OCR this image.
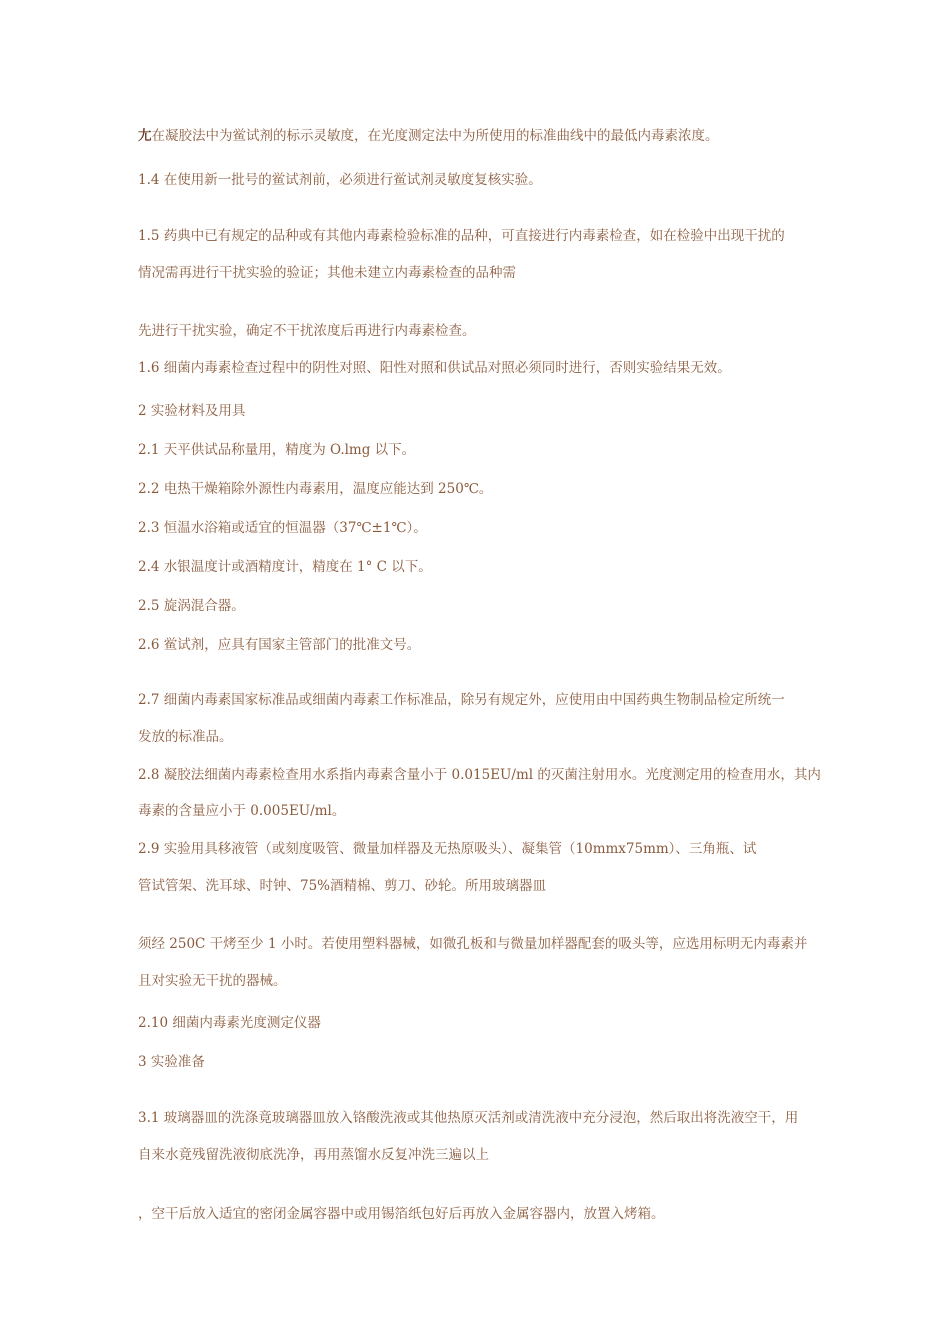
尢在凝胶法中为鲎试剂的标示灵敏度，在光度测定法中为所使用的标准曲线中的最低内毒素浓度。
1.4 在使用新一批号的鲎试剂前，必须进行鲎试剂灵敏度复核实验。
1.5 药典中已有规定的品种或有其他内毒素检验标准的品种，可直接进行内毒素检查，如在检验中出现干扰的
情况需再进行干扰实验的验证；其他未建立内毒素检查的品种需
先进行干扰实验，确定不干扰浓度后再进行内毒素检查。
1.6 细菌内毒素检查过程中的阴性对照、阳性对照和供试品对照必须同时进行，否则实验结果无效。
2 实验材料及用具
2.1 天平供试品称量用，精度为 O.lmg 以下。
2.2 电热干燥箱除外源性内毒素用，温度应能达到 250℃。
2.3 恒温水浴箱或适宜的恒温器（37℃±1℃）。
2.4 水银温度计或酒精度计，精度在 1° C 以下。
2.5 旋涡混合器。
2.6 鲎试剂，应具有国家主管部门的批准文号。
2.7 细菌内毒素国家标准品或细菌内毒素工作标准品，除另有规定外，应使用由中国药典生物制品检定所统一
发放的标准品。
2.8 凝胶法细菌内毒素检查用水系指内毒素含量小于 0.015EU/ml 的灭菌注射用水。光度测定用的检查用水，其内
毒素的含量应小于 0.005EU/ml。
2.9 实验用具移液管（或刻度吸管、微量加样器及无热原吸头）、凝集管（10mmx75mm）、三角瓶、试
管试管架、洗耳球、时钟、75%酒精棉、剪刀、砂轮。所用玻璃器皿
须经 250C 干烤至少 1 小时。若使用塑料器械，如微孔板和与微量加样器配套的吸头等，应选用标明无内毒素并
且对实验无干扰的器械。
2.10 细菌内毒素光度测定仪器
3 实验准备
3.1 玻璃器皿的洗涤竟玻璃器皿放入铬酸洗液或其他热原灭活剂或清洗液中充分浸泡，然后取出将洗液空干，用
自来水竟残留洗液彻底洗净，再用蒸馏水反复冲洗三遍以上
，空干后放入适宜的密闭金属容器中或用锡箔纸包好后再放入金属容器内，放置入烤箱。
